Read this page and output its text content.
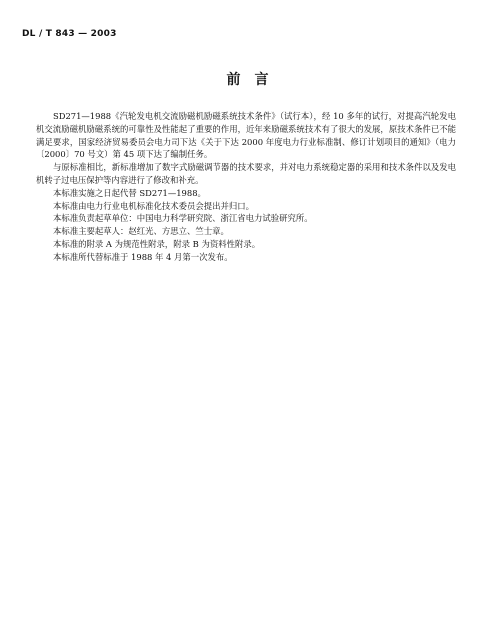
DL / T 843 — 2003
前言

SD271—1988《汽轮发电机交流励磁机励磁系统技术条件》（试行本），经 10 多年的试行，对提高汽轮发电机交流励磁机励磁系统的可靠性及性能起了重要的作用，近年来励磁系统技术有了很大的发展，原技术条件已不能满足要求，国家经济贸易委员会电力司下达《关于下达 2000 年度电力行业标准制、修订计划项目的通知》（电力〔2000〕70 号文）第 45 项下达了编制任务。

与原标准相比，新标准增加了数字式励磁调节器的技术要求，并对电力系统稳定器的采用和技术条件以及发电机转子过电压保护等内容进行了修改和补充。

本标准实施之日起代替 SD271—1988。

本标准由电力行业电机标准化技术委员会提出并归口。

本标准负责起草单位：中国电力科学研究院、浙江省电力试验研究所。

本标准主要起草人：赵红光、方思立、竺士章。

本标准的附录 A 为规范性附录，附录 B 为资料性附录。

本标准所代替标准于 1988 年 4 月第一次发布。
